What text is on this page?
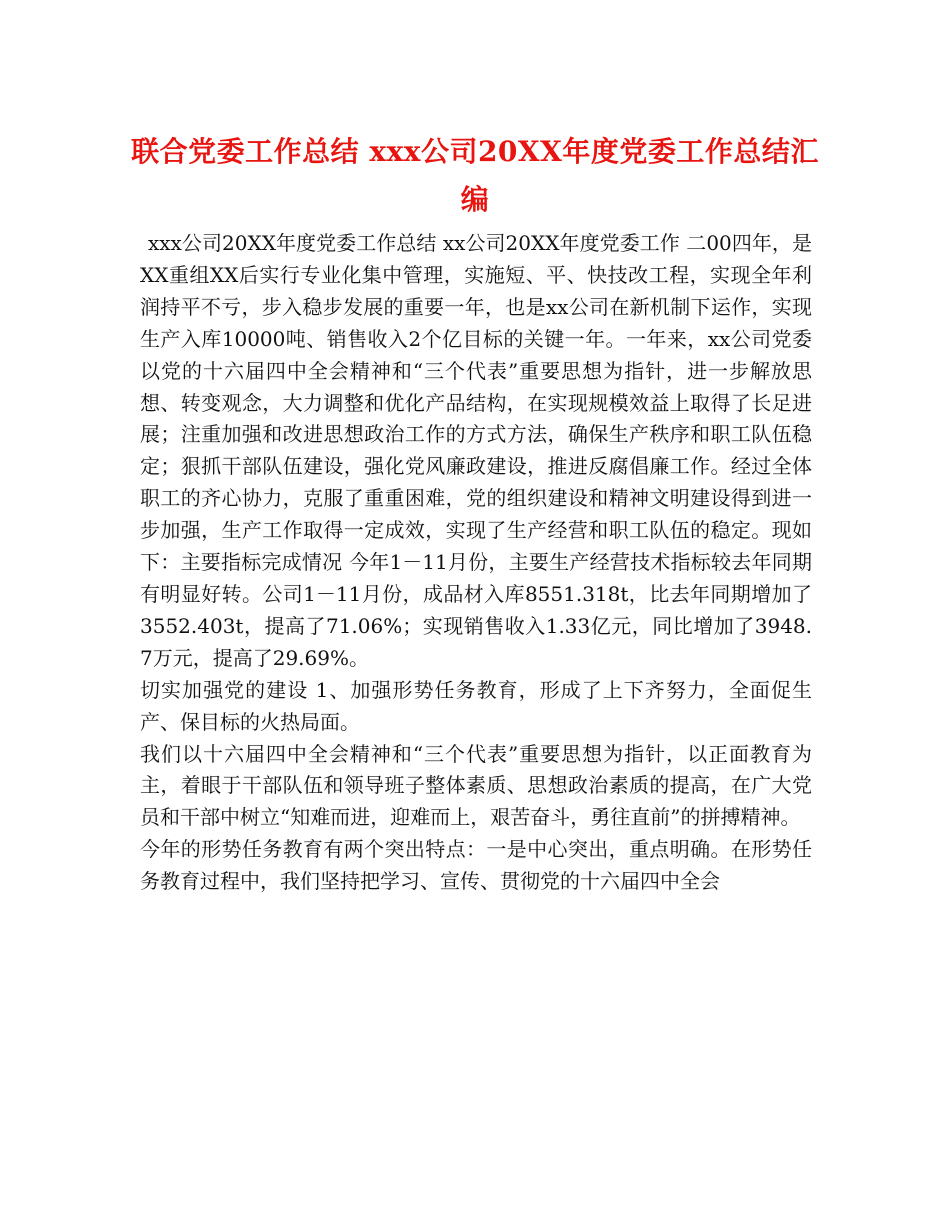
联合党委工作总结 xxx公司20XX年度党委工作总结汇
编

xxx公司20XX年度党委工作总结 xx公司20XX年度党委工作 二00四年，是XX重组XX后实行专业化集中管理，实施短、平、快技改工程，实现全年利润持平不亏，步入稳步发展的重要一年，也是xx公司在新机制下运作，实现生产入库10000吨、销售收入2个亿目标的关键一年。一年来，xx公司党委以党的十六届四中全会精神和“三个代表”重要思想为指针，进一步解放思想、转变观念，大力调整和优化产品结构，在实现规模效益上取得了长足进展；注重加强和改进思想政治工作的方式方法，确保生产秩序和职工队伍稳定；狠抓干部队伍建设，强化党风廉政建设，推进反腐倡廉工作。经过全体职工的齐心协力，克服了重重困难，党的组织建设和精神文明建设得到进一步加强，生产工作取得一定成效，实现了生产经营和职工队伍的稳定。现如下：主要指标完成情况 今年1－11月份，主要生产经营技术指标较去年同期有明显好转。公司1－11月份，成品材入库8551.318t，比去年同期增加了3552.403t，提高了71.06%；实现销售收入1.33亿元，同比增加了3948.7万元，提高了29.69%。

切实加强党的建设 1、加强形势任务教育，形成了上下齐努力，全面促生 产、保目标的火热局面。

我们以十六届四中全会精神和“三个代表”重要思想为指针，以正面教育为主，着眼于干部队伍和领导班子整体素质、思想政治素质的提高，在广大党员和干部中树立“知难而进，迎难而上，艰苦奋斗，勇往直前”的拼搏精神。

今年的形势任务教育有两个突出特点：一是中心突出，重点明确。在形势任务教育过程中，我们坚持把学习、宣传、贯彻党的十六届四中全会
